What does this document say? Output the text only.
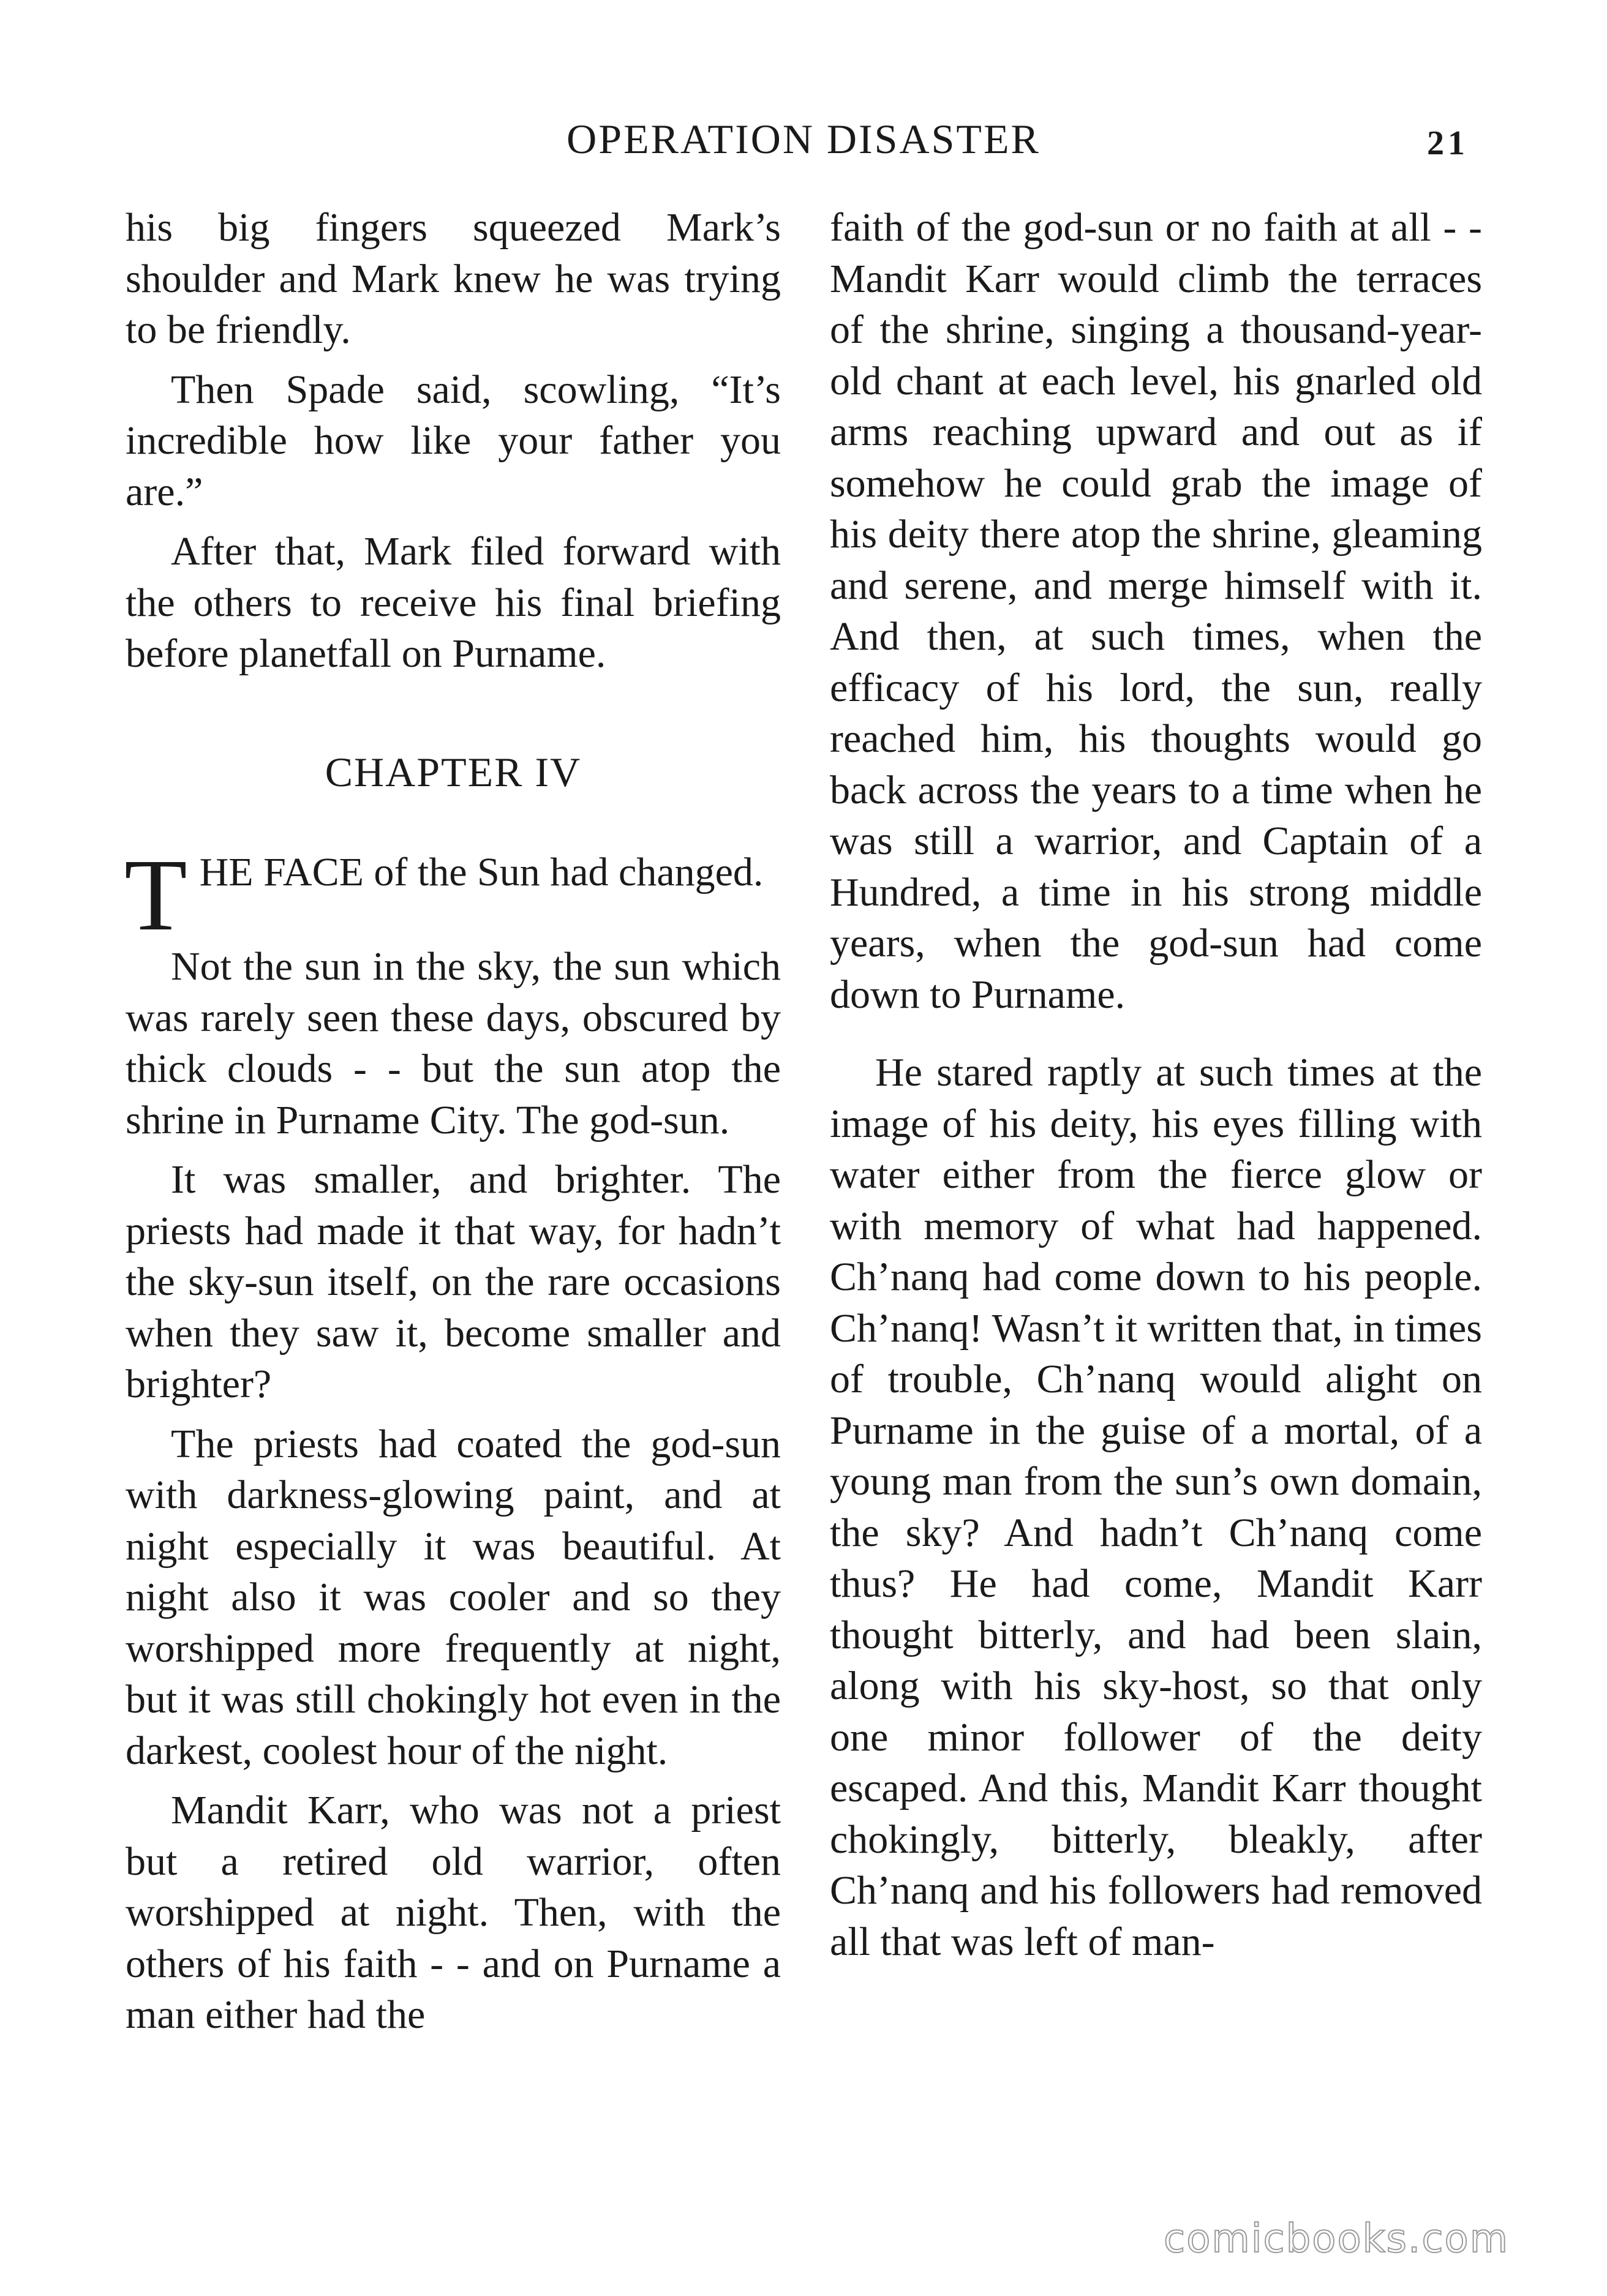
OPERATION DISASTER	21

his big fingers squeezed Mark’s shoulder and Mark knew he was trying to be friendly.

Then Spade said, scowling, “It’s incredible how like your father you are.”

After that, Mark filed forward with the others to receive his final briefing before planetfall on Purname.

CHAPTER IV
T HE FACE of the Sun had changed.

Not the sun in the sky, the sun which was rarely seen these days, obscured by thick clouds - - but the sun atop the shrine in Purname City. The god-sun.

It was smaller, and brighter. The priests had made it that way, for hadn’t the sky-sun itself, on the rare occasions when they saw it, become smaller and brighter?

The priests had coated the god-sun with darkness-glowing paint, and at night especially it was beautiful. At night also it was cooler and so they worshipped more frequently at night, but it was still chokingly hot even in the darkest, coolest hour of the night.

Mandit Karr, who was not a priest but a retired old warrior, often worshipped at night. Then, with the others of his faith - - and on Purname a man either had the

faith of the god-sun or no faith at all - - Mandit Karr would climb the terraces of the shrine, singing a thousand-year-old chant at each level, his gnarled old arms reaching upward and out as if somehow he could grab the image of his deity there atop the shrine, gleaming and serene, and merge himself with it. And then, at such times, when the efficacy of his lord, the sun, really reached him, his thoughts would go back across the years to a time when he was still a warrior, and Captain of a Hundred, a time in his strong middle years, when the god-sun had come down to Purname.

He stared raptly at such times at the image of his deity, his eyes filling with water either from the fierce glow or with memory of what had happened. Ch’nanq had come down to his people. Ch’nanq! Wasn’t it written that, in times of trouble, Ch’nanq would alight on Purname in the guise of a mortal, of a young man from the sun’s own domain, the sky? And hadn’t Ch’nanq come thus? He had come, Mandit Karr thought bitterly, and had been slain, along with his sky-host, so that only one minor follower of the deity escaped. And this, Mandit Karr thought chokingly, bitterly, bleakly, after Ch’nanq and his followers had removed all that was left of man-

comicbooks.com
